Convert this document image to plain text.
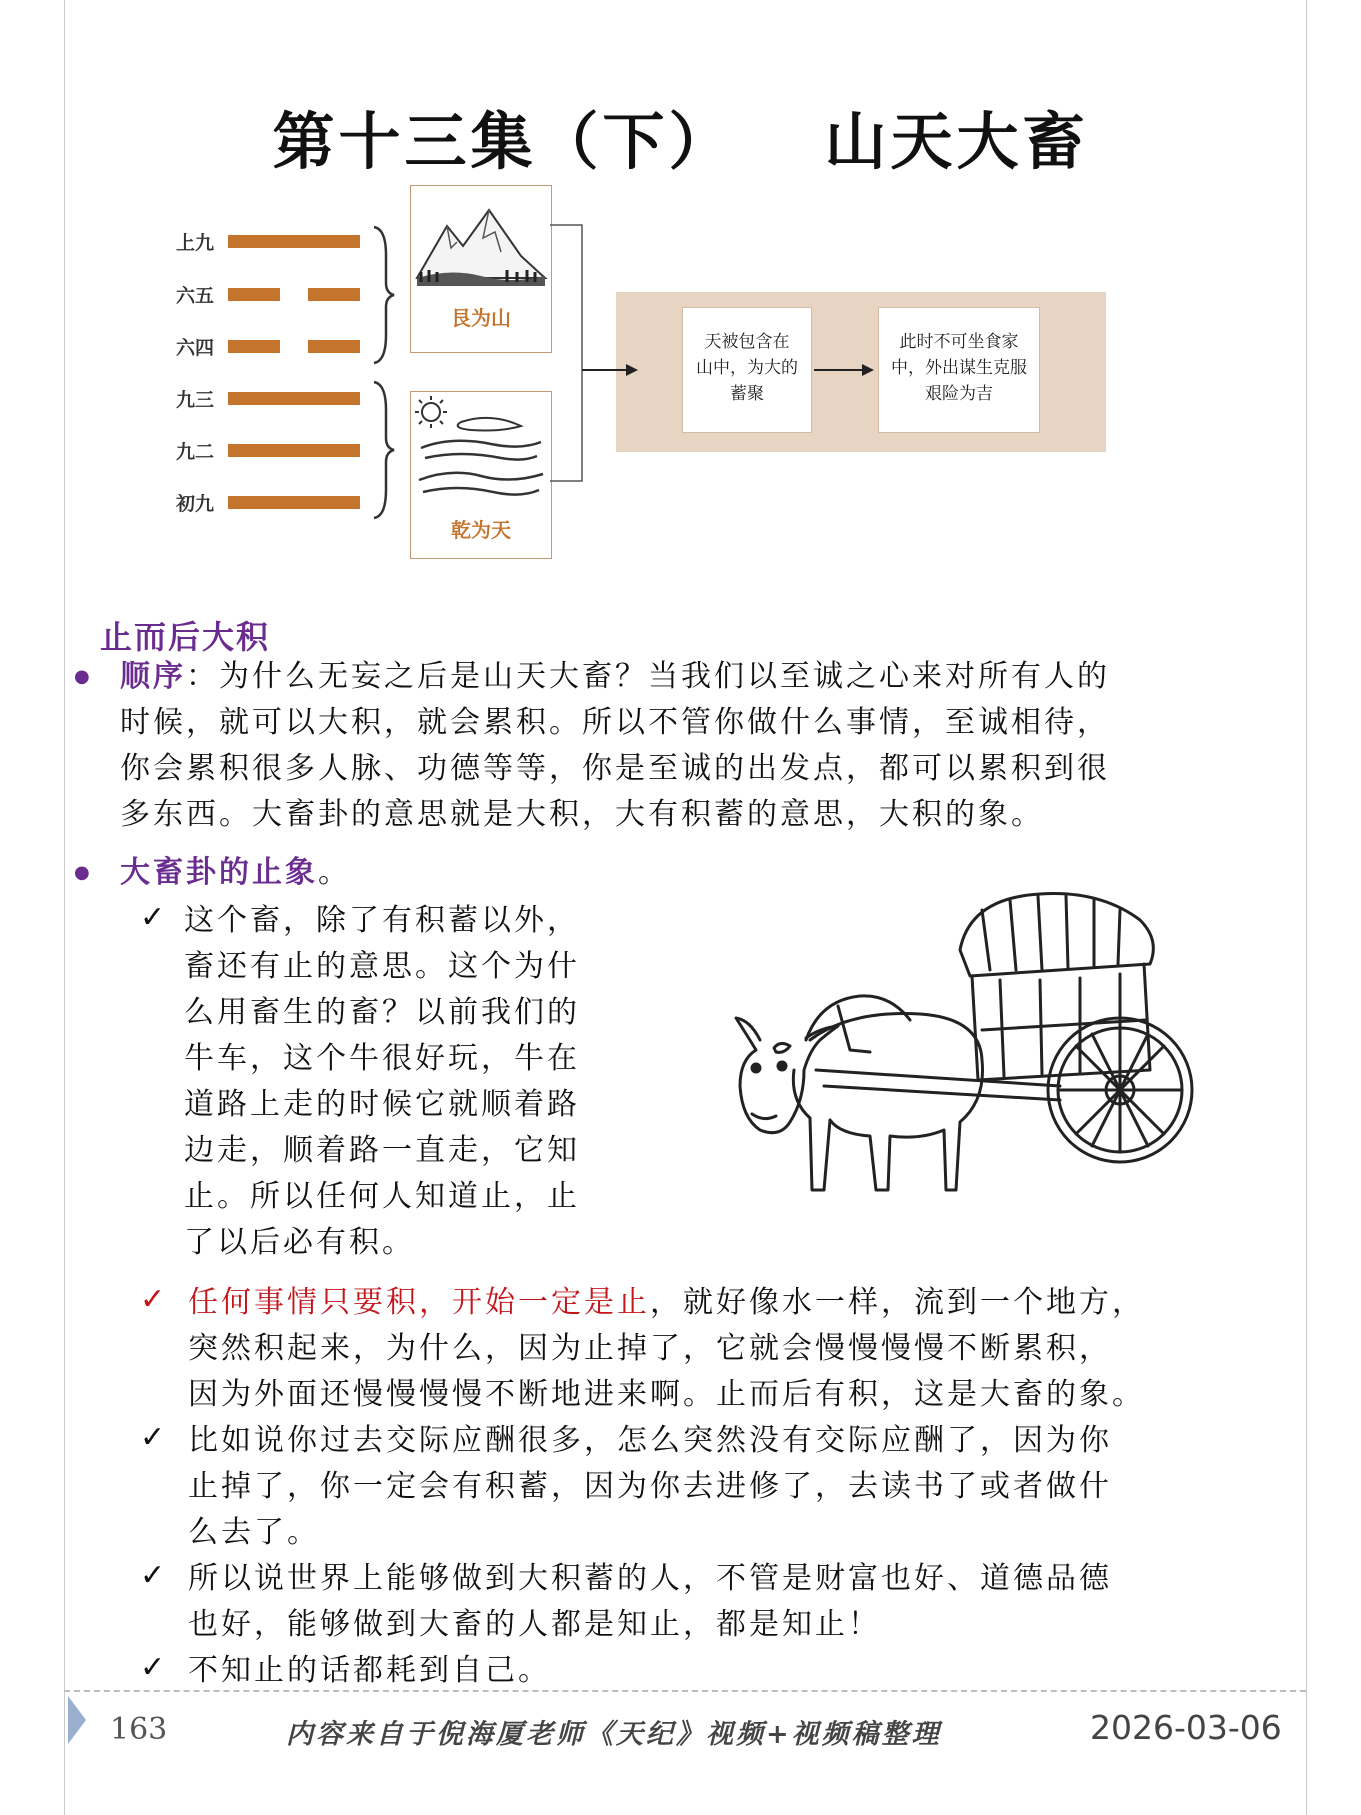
第十三集（下） 山天大畜
上九
六五
六四
九三
九二
初九
艮为山
乾为天
天被包含在
山中，为大的
蓄聚
此时不可坐食家
中，外出谋生克服
艰险为吉
止而后大积
● 顺序：为什么无妄之后是山天大畜？当我们以至诚之心来对所有人的
时候，就可以大积，就会累积。所以不管你做什么事情，至诚相待，
你会累积很多人脉、功德等等，你是至诚的出发点，都可以累积到很
多东西。大畜卦的意思就是大积，大有积蓄的意思，大积的象。
● 大畜卦的止象。
✓ 这个畜，除了有积蓄以外，
畜还有止的意思。这个为什
么用畜生的畜？以前我们的
牛车，这个牛很好玩，牛在
道路上走的时候它就顺着路
边走，顺着路一直走，它知
止。所以任何人知道止，止
了以后必有积。
✓ 任何事情只要积，开始一定是止，就好像水一样，流到一个地方，
突然积起来，为什么，因为止掉了，它就会慢慢慢慢不断累积，
因为外面还慢慢慢慢不断地进来啊。止而后有积，这是大畜的象。
✓ 比如说你过去交际应酬很多，怎么突然没有交际应酬了，因为你
止掉了，你一定会有积蓄，因为你去进修了，去读书了或者做什
么去了。
✓ 所以说世界上能够做到大积蓄的人，不管是财富也好、道德品德
也好，能够做到大畜的人都是知止，都是知止！
✓ 不知止的话都耗到自己。
163	内容来自于倪海厦老师《天纪》视频+视频稿整理	2026-03-06
